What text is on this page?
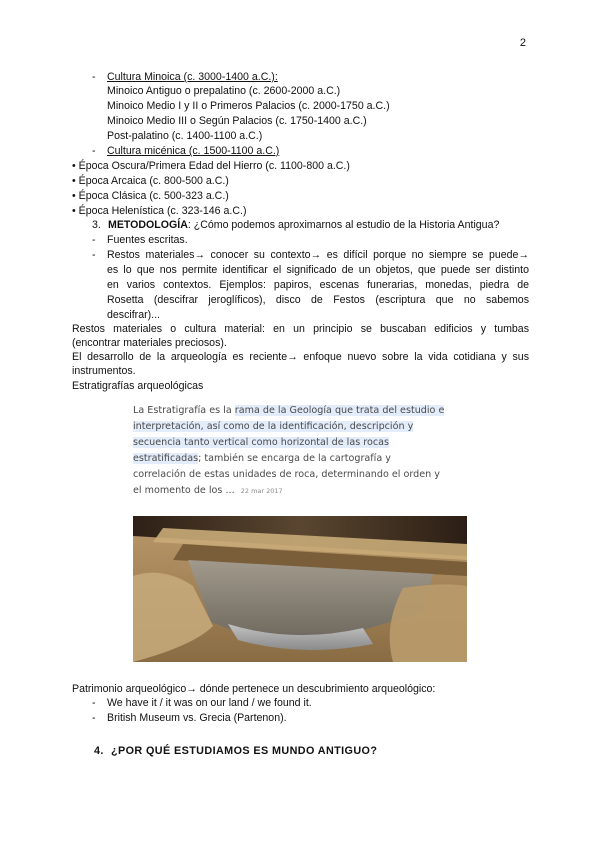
2
- Cultura Minoica (c. 3000-1400 a.C.):
Minoico Antiguo o prepalatino (c. 2600-2000 a.C.)
Minoico Medio I y II o Primeros Palacios (c. 2000-1750 a.C.)
Minoico Medio III o Según Palacios (c. 1750-1400 a.C.)
Post-palatino (c. 1400-1100 a.C.)
- Cultura micénica (c. 1500-1100 a.C.)
• Época Oscura/Primera Edad del Hierro (c. 1100-800 a.C.)
• Época Arcaica (c. 800-500 a.C.)
• Época Clásica (c. 500-323 a.C.)
• Época Helenística (c. 323-146 a.C.)
3. METODOLOGÍA: ¿Cómo podemos aproximarnos al estudio de la Historia Antigua?
- Fuentes escritas.
- Restos materiales→ conocer su contexto→ es difícil porque no siempre se puede→
es lo que nos permite identificar el significado de un objetos, que puede ser distinto
en varios contextos. Ejemplos: papiros, escenas funerarias, monedas, piedra de
Rosetta (descifrar jeroglíficos), disco de Festos (escriptura que no sabemos
descifrar)...
Restos materiales o cultura material: en un principio se buscaban edificios y tumbas
(encontrar materiales preciosos).
El desarrollo de la arqueología es reciente→ enfoque nuevo sobre la vida cotidiana y sus
instrumentos.
Estratigrafías arqueológicas
La Estratigrafía es la rama de la Geología que trata del estudio e
interpretación, así como de la identificación, descripción y
secuencia tanto vertical como horizontal de las rocas
estratificadas; también se encarga de la cartografía y
correlación de estas unidades de roca, determinando el orden y
el momento de los ... 22 mar 2017
Patrimonio arqueológico→ dónde pertenece un descubrimiento arqueológico:
- We have it / it was on our land / we found it.
- British Museum vs. Grecia (Partenon).
4. ¿POR QUÉ ESTUDIAMOS ES MUNDO ANTIGUO?
